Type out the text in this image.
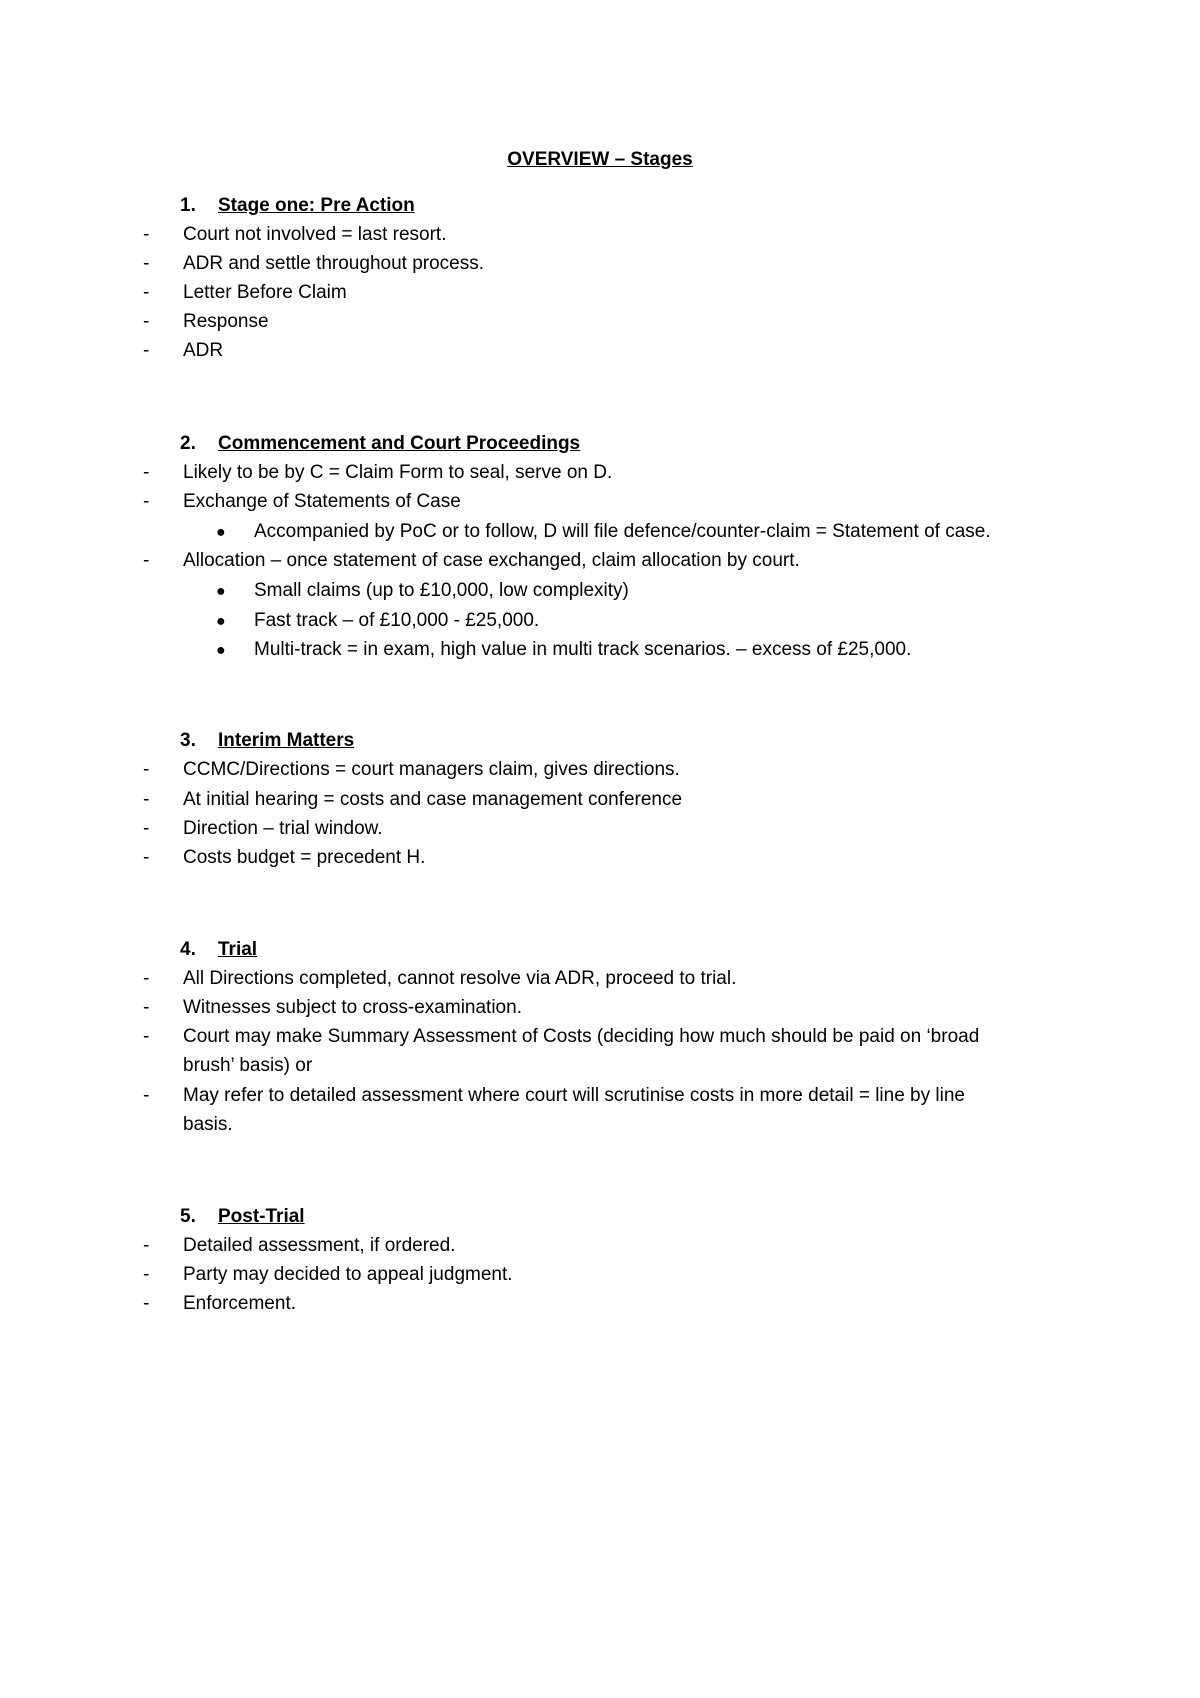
OVERVIEW – Stages
1. Stage one: Pre Action
- Court not involved = last resort.
- ADR and settle throughout process.
- Letter Before Claim
- Response
- ADR
2. Commencement and Court Proceedings
- Likely to be by C = Claim Form to seal, serve on D.
- Exchange of Statements of Case
● Accompanied by PoC or to follow, D will file defence/counter-claim = Statement of case.
- Allocation – once statement of case exchanged, claim allocation by court.
● Small claims (up to £10,000, low complexity)
● Fast track – of £10,000 - £25,000.
● Multi-track = in exam, high value in multi track scenarios. – excess of £25,000.
3. Interim Matters
- CCMC/Directions = court managers claim, gives directions.
- At initial hearing = costs and case management conference
- Direction – trial window.
- Costs budget = precedent H.
4. Trial
- All Directions completed, cannot resolve via ADR, proceed to trial.
- Witnesses subject to cross-examination.
- Court may make Summary Assessment of Costs (deciding how much should be paid on ‘broad
brush’ basis) or
- May refer to detailed assessment where court will scrutinise costs in more detail = line by line
basis.
5. Post-Trial
- Detailed assessment, if ordered.
- Party may decided to appeal judgment.
- Enforcement.
